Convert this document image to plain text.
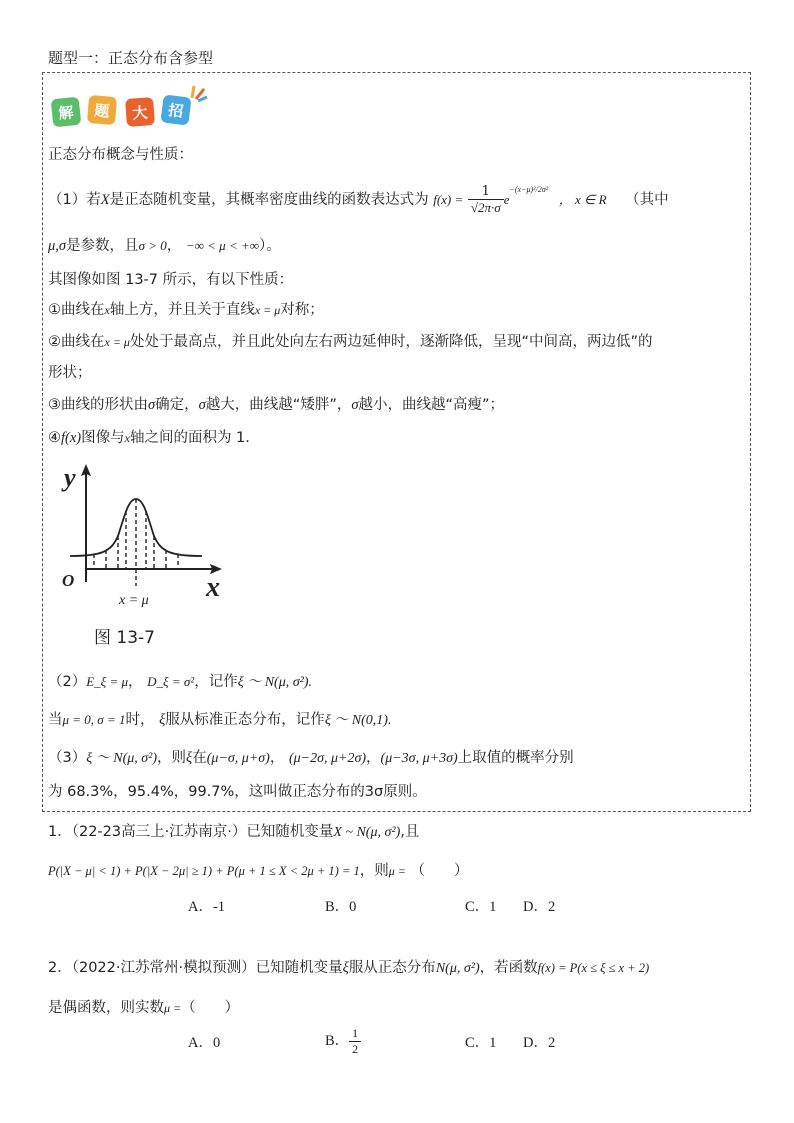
题型一：正态分布含参型
解	题	大	招
正态分布概念与性质：
（1）若X是正态随机变量，其概率密度曲线的函数表达式为 $f(x) = \frac{1}{√2\pi\cdot\sigma} e^{-(x-\mu)^2/2\sigma^2}$ ， x ∈ R （其中
μ,σ是参数，且σ > 0， −∞ < μ < +∞）。
其图像如图 13-7 所示，有以下性质：
①曲线在x轴上方，并且关于直线x = μ对称；
②曲线在x = μ处处于最高点，并且此处向左右两边延伸时，逐渐降低，呈现“中间高，两边低”的
形状；
③曲线的形状由σ确定，σ越大，曲线越“矮胖”，σ越小，曲线越“高瘦”；
④f(x)图像与x轴之间的面积为 1.
y
O	x
x = μ
图 13-7
（2）E_ξ = μ， D_ξ = σ²，记作ξ ～ N(μ, σ²).
当μ = 0, σ = 1时， ξ服从标准正态分布，记作ξ ～ N(0,1).
（3）ξ ～ N(μ, σ²)，则ξ在(μ−σ, μ+σ)， (μ−2σ, μ+2σ)，(μ−3σ, μ+3σ)上取值的概率分别
为 68.3%，95.4%，99.7%，这叫做正态分布的3σ原则。
1．（22-23高三上·江苏南京·）已知随机变量X ~ N(μ, σ²),且
P(|X − μ| < 1) + P(|X − 2μ| ≥ 1) + P(μ + 1 ≤ X < 2μ + 1) = 1，则μ = （　　）
A．-1	B．0	C．1 D．2
2．（2022·江苏常州·模拟预测）已知随机变量ξ服从正态分布N(μ, σ²)，若函数f(x) = P(x ≤ ξ ≤ x + 2)
是偶函数，则实数μ =（　　）
A．0	B． $\frac{1}{2}$	C．1 D．2
